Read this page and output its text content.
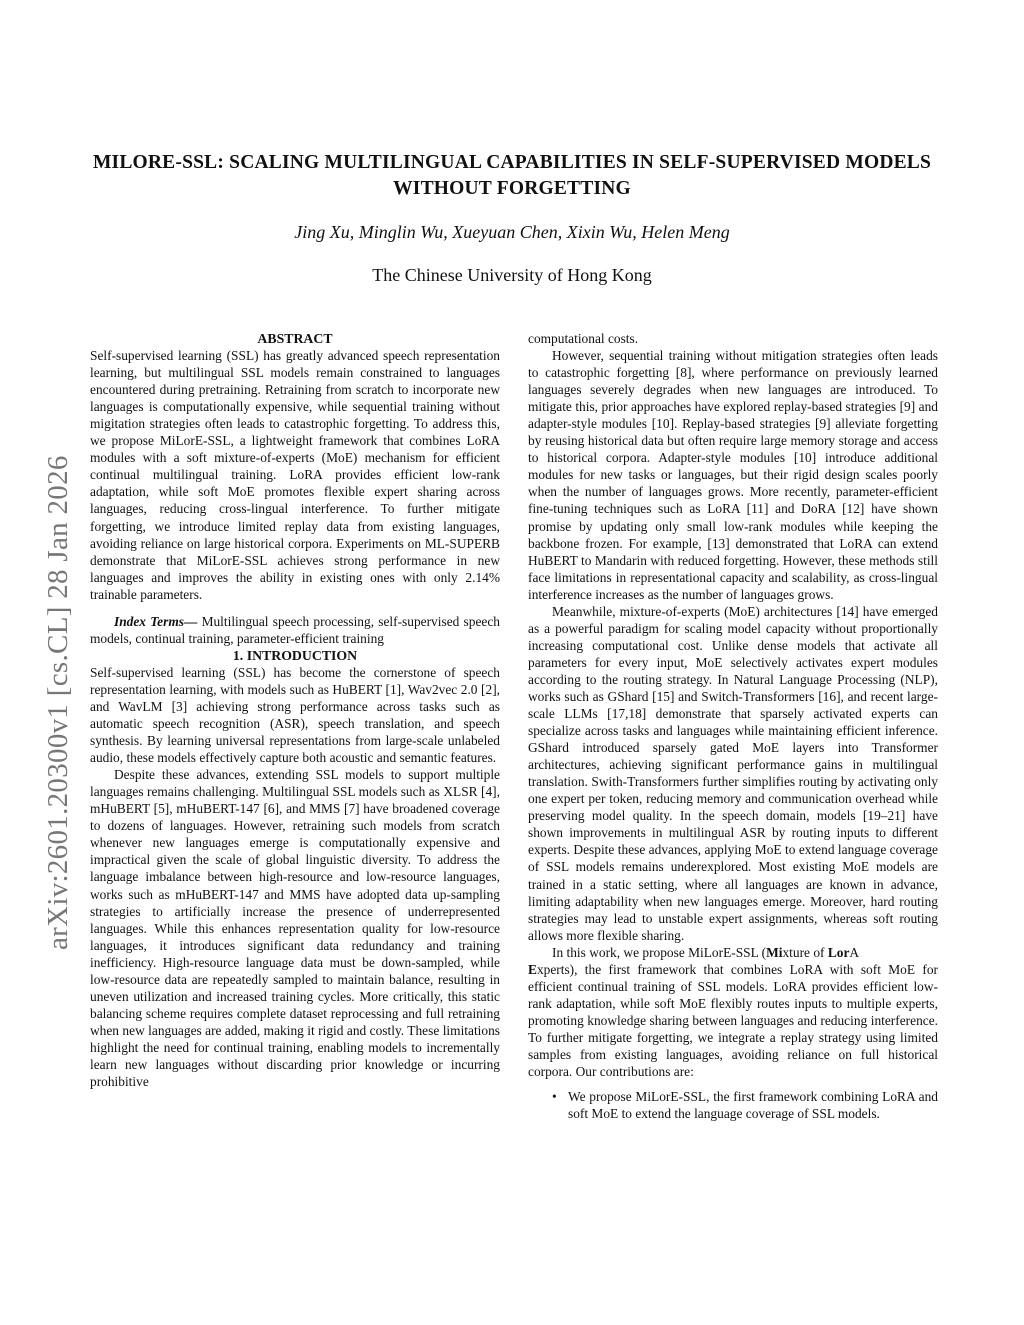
arXiv:2601.20300v1 [cs.CL] 28 Jan 2026
MILORE-SSL: SCALING MULTILINGUAL CAPABILITIES IN SELF-SUPERVISED MODELS
WITHOUT FORGETTING
Jing Xu, Minglin Wu, Xueyuan Chen, Xixin Wu, Helen Meng
The Chinese University of Hong Kong

ABSTRACT

Self-supervised learning (SSL) has greatly advanced speech representation learning, but multilingual SSL models remain constrained to languages encountered during pretraining. Retraining from scratch to incorporate new languages is computationally expensive, while sequential training without migitation strategies often leads to catastrophic forgetting. To address this, we propose MiLorE-SSL, a lightweight framework that combines LoRA modules with a soft mixture-of-experts (MoE) mechanism for efficient continual multilingual training. LoRA provides efficient low-rank adaptation, while soft MoE promotes flexible expert sharing across languages, reducing cross-lingual interference. To further mitigate forgetting, we introduce limited replay data from existing languages, avoiding reliance on large historical corpora. Experiments on ML-SUPERB demonstrate that MiLorE-SSL achieves strong performance in new languages and improves the ability in existing ones with only 2.14% trainable parameters.

Index Terms— Multilingual speech processing, self-supervised speech models, continual training, parameter-efficient training

1. INTRODUCTION

Self-supervised learning (SSL) has become the cornerstone of speech representation learning, with models such as HuBERT [1], Wav2vec 2.0 [2], and WavLM [3] achieving strong performance across tasks such as automatic speech recognition (ASR), speech translation, and speech synthesis. By learning universal representations from large-scale unlabeled audio, these models effectively capture both acoustic and semantic features.

Despite these advances, extending SSL models to support multiple languages remains challenging. Multilingual SSL models such as XLSR [4], mHuBERT [5], mHuBERT-147 [6], and MMS [7] have broadened coverage to dozens of languages. However, retraining such models from scratch whenever new languages emerge is computationally expensive and impractical given the scale of global linguistic diversity. To address the language imbalance between high-resource and low-resource languages, works such as mHuBERT-147 and MMS have adopted data up-sampling strategies to artificially increase the presence of underrepresented languages. While this enhances representation quality for low-resource languages, it introduces significant data redundancy and training inefficiency. High-resource language data must be down-sampled, while low-resource data are repeatedly sampled to maintain balance, resulting in uneven utilization and increased training cycles. More critically, this static balancing scheme requires complete dataset reprocessing and full retraining when new languages are added, making it rigid and costly. These limitations highlight the need for continual training, enabling models to incrementally learn new languages without discarding prior knowledge or incurring prohibitive

computational costs.

However, sequential training without mitigation strategies often leads to catastrophic forgetting [8], where performance on previously learned languages severely degrades when new languages are introduced. To mitigate this, prior approaches have explored replay-based strategies [9] and adapter-style modules [10]. Replay-based strategies [9] alleviate forgetting by reusing historical data but often require large memory storage and access to historical corpora. Adapter-style modules [10] introduce additional modules for new tasks or languages, but their rigid design scales poorly when the number of languages grows. More recently, parameter-efficient fine-tuning techniques such as LoRA [11] and DoRA [12] have shown promise by updating only small low-rank modules while keeping the backbone frozen. For example, [13] demonstrated that LoRA can extend HuBERT to Mandarin with reduced forgetting. However, these methods still face limitations in representational capacity and scalability, as cross-lingual interference increases as the number of languages grows.

Meanwhile, mixture-of-experts (MoE) architectures [14] have emerged as a powerful paradigm for scaling model capacity without proportionally increasing computational cost. Unlike dense models that activate all parameters for every input, MoE selectively activates expert modules according to the routing strategy. In Natural Language Processing (NLP), works such as GShard [15] and Switch-Transformers [16], and recent large-scale LLMs [17,18] demonstrate that sparsely activated experts can specialize across tasks and languages while maintaining efficient inference. GShard introduced sparsely gated MoE layers into Transformer architectures, achieving significant performance gains in multilingual translation. Swith-Transformers further simplifies routing by activating only one expert per token, reducing memory and communication overhead while preserving model quality. In the speech domain, models [19–21] have shown improvements in multilingual ASR by routing inputs to different experts. Despite these advances, applying MoE to extend language coverage of SSL models remains underexplored. Most existing MoE models are trained in a static setting, where all languages are known in advance, limiting adaptability when new languages emerge. Moreover, hard routing strategies may lead to unstable expert assignments, whereas soft routing allows more flexible sharing.

In this work, we propose MiLorE-SSL (Mixture of LorA
Experts), the first framework that combines LoRA with soft MoE for efficient continual training of SSL models. LoRA provides efficient low-rank adaptation, while soft MoE flexibly routes inputs to multiple experts, promoting knowledge sharing between languages and reducing interference. To further mitigate forgetting, we integrate a replay strategy using limited samples from existing languages, avoiding reliance on full historical corpora. Our contributions are:

• We propose MiLorE-SSL, the first framework combining LoRA and soft MoE to extend the language coverage of SSL models.
